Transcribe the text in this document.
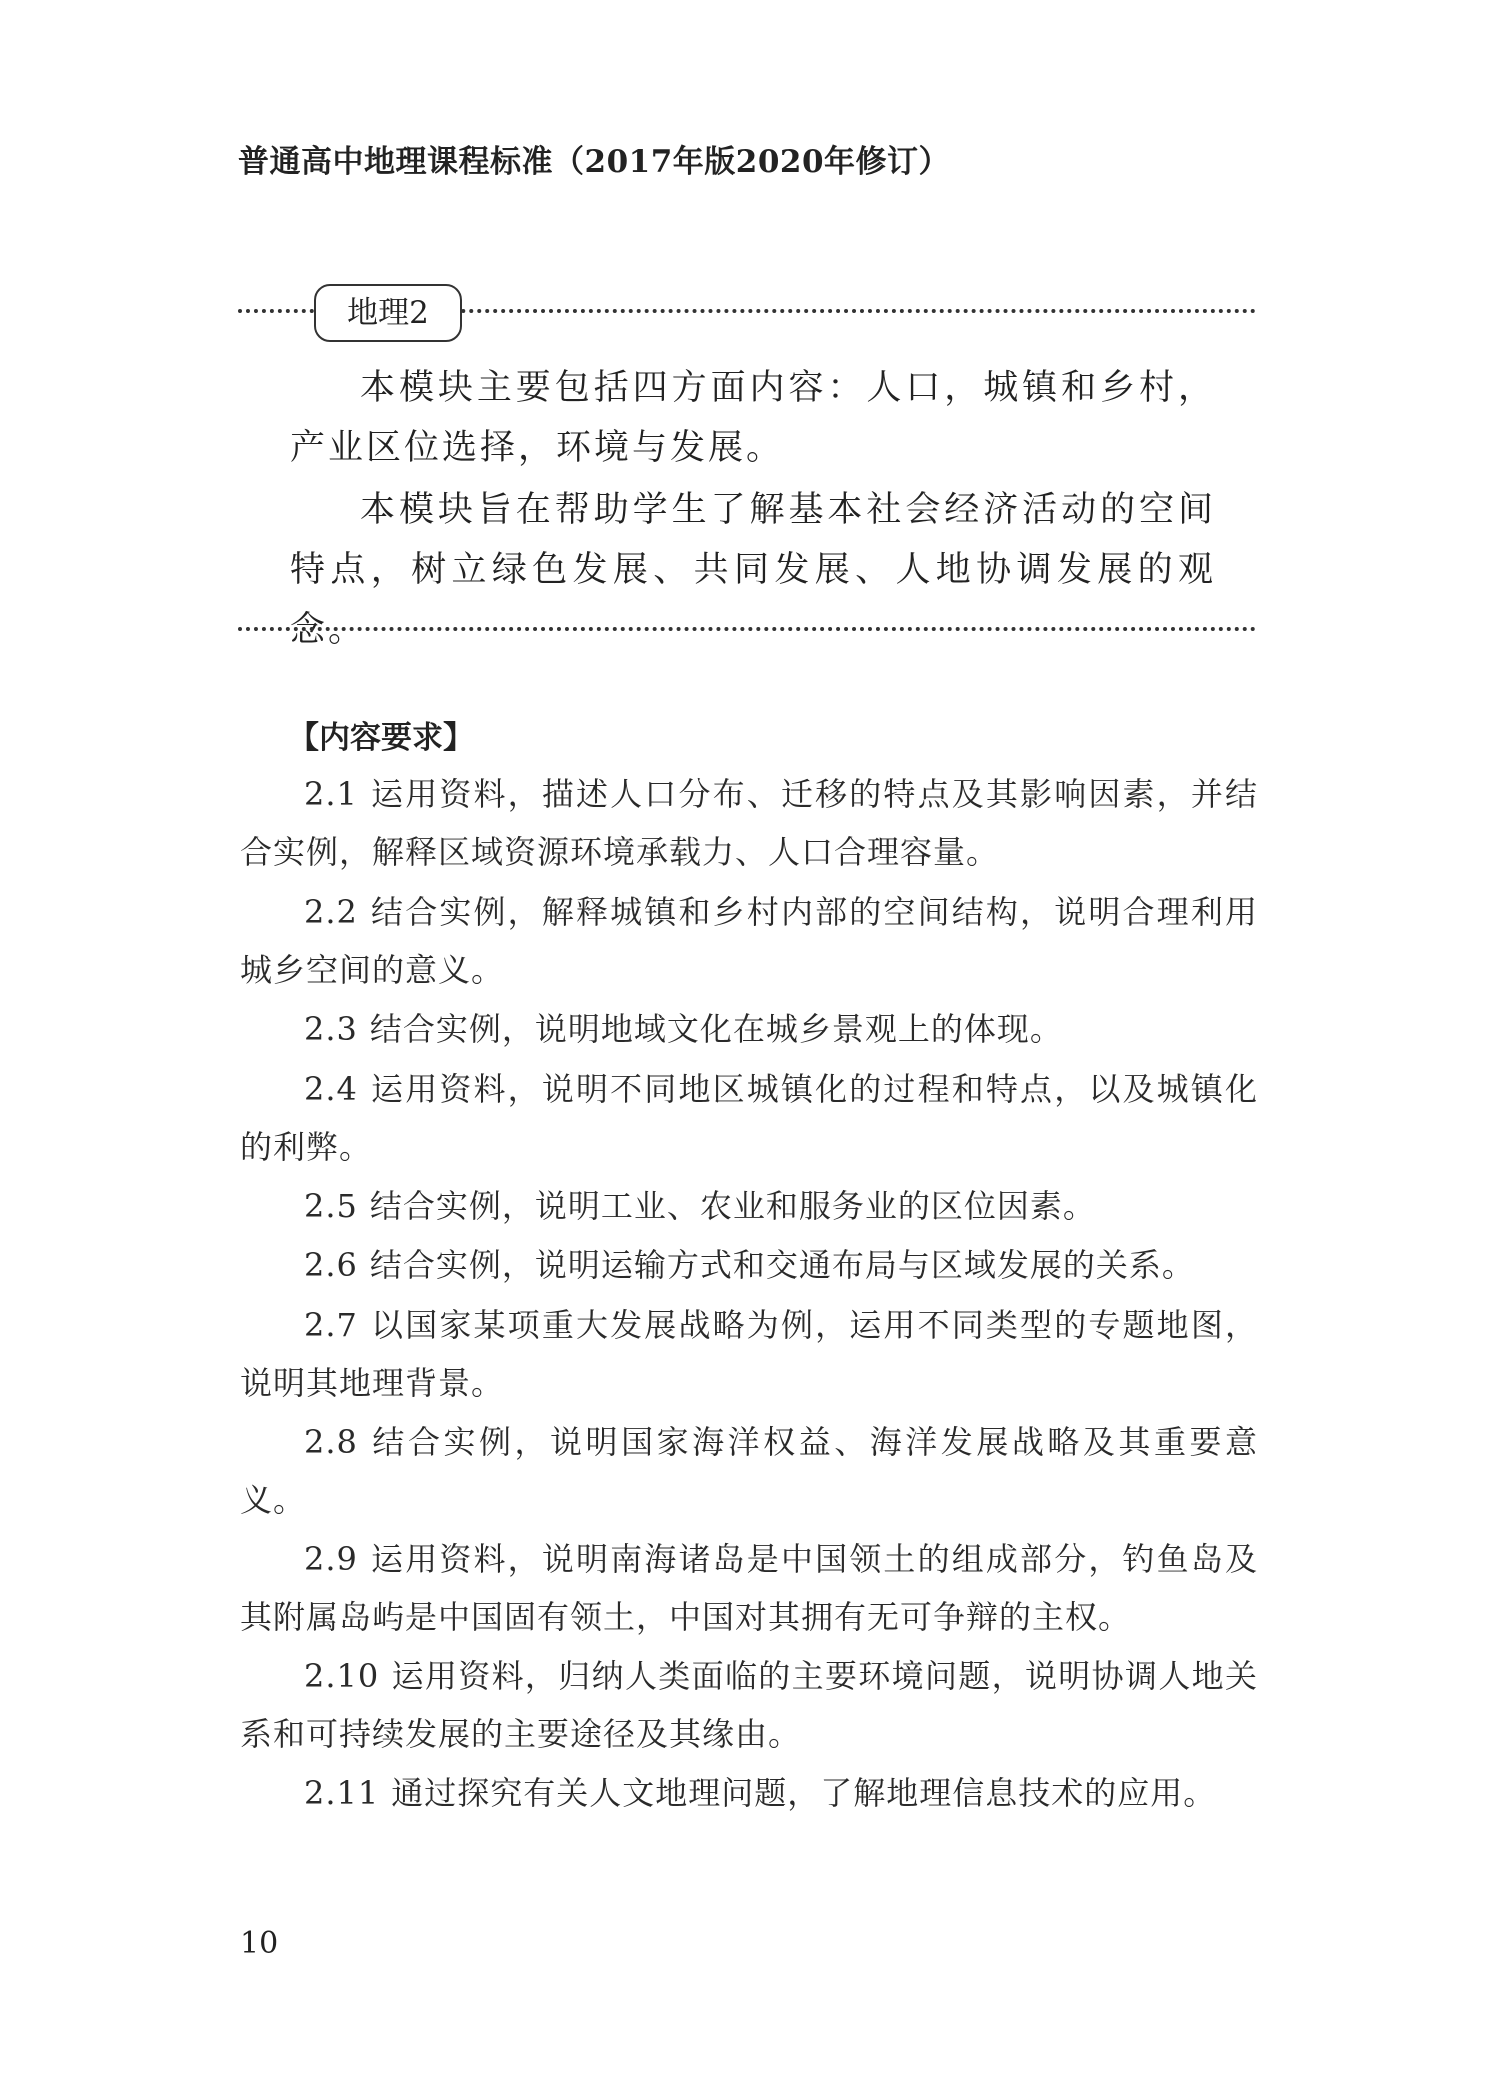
普通高中地理课程标准（2017年版2020年修订）
地理2

本模块主要包括四方面内容：人口，城镇和乡村，产业区位选择，环境与发展。

本模块旨在帮助学生了解基本社会经济活动的空间特点，树立绿色发展、共同发展、人地协调发展的观念。

【内容要求】

2.1 运用资料，描述人口分布、迁移的特点及其影响因素，并结合实例，解释区域资源环境承载力、人口合理容量。

2.2 结合实例，解释城镇和乡村内部的空间结构，说明合理利用城乡空间的意义。

2.3 结合实例，说明地域文化在城乡景观上的体现。

2.4 运用资料，说明不同地区城镇化的过程和特点，以及城镇化的利弊。

2.5 结合实例，说明工业、农业和服务业的区位因素。

2.6 结合实例，说明运输方式和交通布局与区域发展的关系。

2.7 以国家某项重大发展战略为例，运用不同类型的专题地图，说明其地理背景。

2.8 结合实例，说明国家海洋权益、海洋发展战略及其重要意义。

2.9 运用资料，说明南海诸岛是中国领土的组成部分，钓鱼岛及其附属岛屿是中国固有领土，中国对其拥有无可争辩的主权。

2.10 运用资料，归纳人类面临的主要环境问题，说明协调人地关系和可持续发展的主要途径及其缘由。

2.11 通过探究有关人文地理问题，了解地理信息技术的应用。

10
